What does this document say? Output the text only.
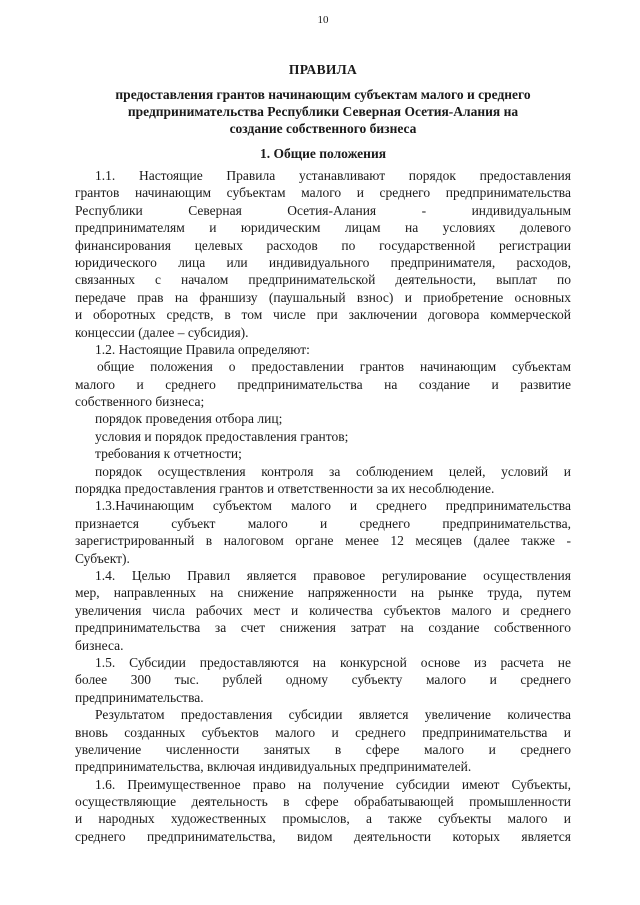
10
ПРАВИЛА
предоставления грантов начинающим субъектам малого и среднего
предпринимательства Республики Северная Осетия-Алания на
создание собственного бизнеса
1. Общие положения
1.1. Настоящие Правила устанавливают порядок предоставления
грантов начинающим субъектам малого и среднего предпринимательства
Республики Северная Осетия-Алания - индивидуальным
предпринимателям и юридическим лицам на условиях долевого
финансирования целевых расходов по государственной регистрации
юридического лица или индивидуального предпринимателя, расходов,
связанных с началом предпринимательской деятельности, выплат по
передаче прав на франшизу (паушальный взнос) и приобретение основных
и оборотных средств, в том числе при заключении договора коммерческой
концессии (далее – субсидия).
1.2. Настоящие Правила определяют:
общие положения о предоставлении грантов начинающим субъектам
малого и среднего предпринимательства на создание и развитие
собственного бизнеса;
порядок проведения отбора лиц;
условия и порядок предоставления грантов;
требования к отчетности;
порядок осуществления контроля за соблюдением целей, условий и
порядка предоставления грантов и ответственности за их несоблюдение.
1.3.Начинающим субъектом малого и среднего предпринимательства
признается субъект малого и среднего предпринимательства,
зарегистрированный в налоговом органе менее 12 месяцев (далее также -
Субъект).
1.4. Целью Правил является правовое регулирование осуществления
мер, направленных на снижение напряженности на рынке труда, путем
увеличения числа рабочих мест и количества субъектов малого и среднего
предпринимательства за счет снижения затрат на создание собственного
бизнеса.
1.5. Субсидии предоставляются на конкурсной основе из расчета не
более 300 тыс. рублей одному субъекту малого и среднего
предпринимательства.
Результатом предоставления субсидии является увеличение количества
вновь созданных субъектов малого и среднего предпринимательства и
увеличение численности занятых в сфере малого и среднего
предпринимательства, включая индивидуальных предпринимателей.
1.6. Преимущественное право на получение субсидии имеют Субъекты,
осуществляющие деятельность в сфере обрабатывающей промышленности
и народных художественных промыслов, а также субъекты малого и
среднего предпринимательства, видом деятельности которых является
